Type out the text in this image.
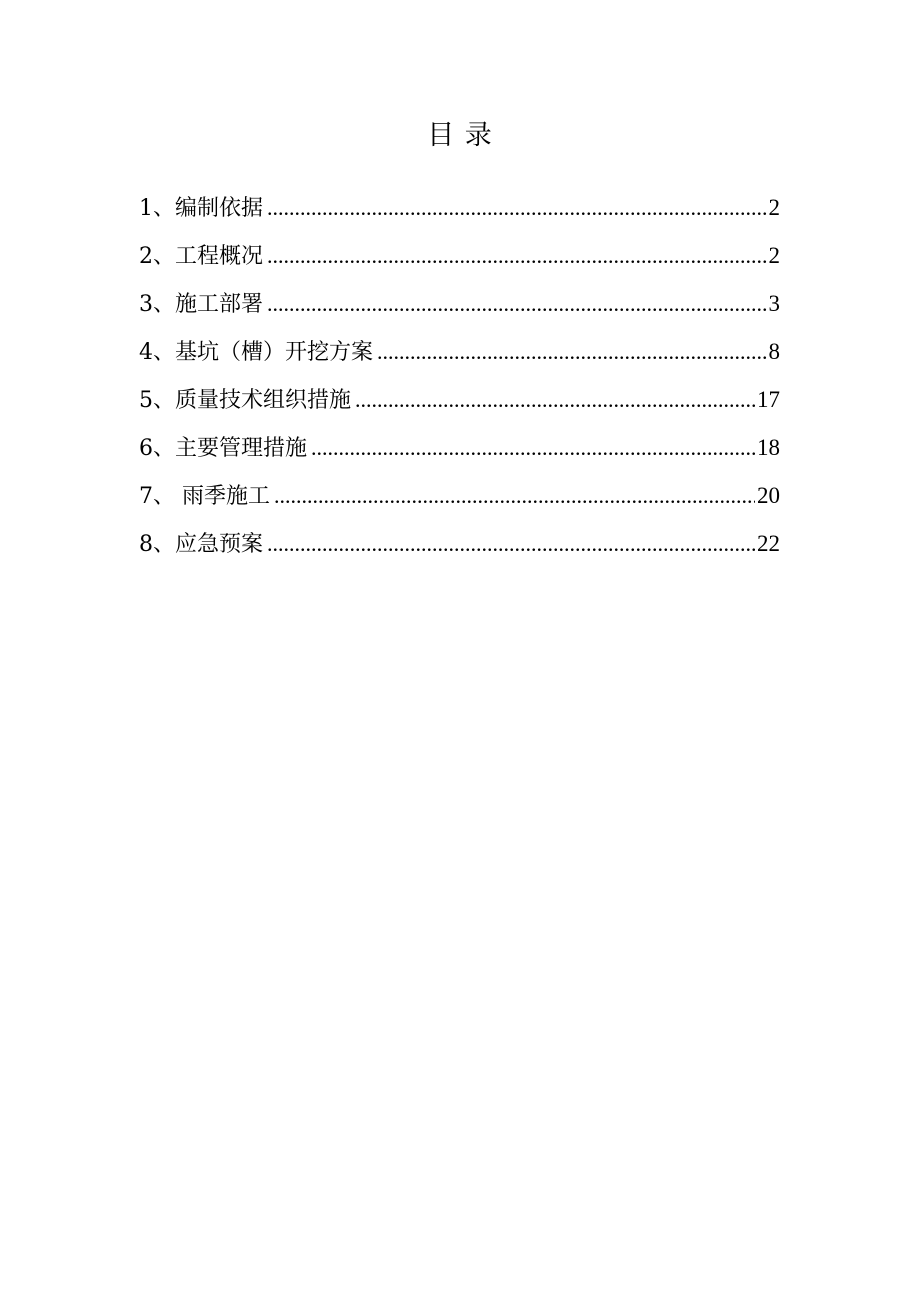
目 录
1、编制依据 .....	2
2、工程概况 .....	2
3、施工部署 .....	3
4、基坑（槽）开挖方案 .....	8
5、质量技术组织措施 .....	17
6、主要管理措施 .....	18
7、 雨季施工 .....	20
8、应急预案 .....	22
